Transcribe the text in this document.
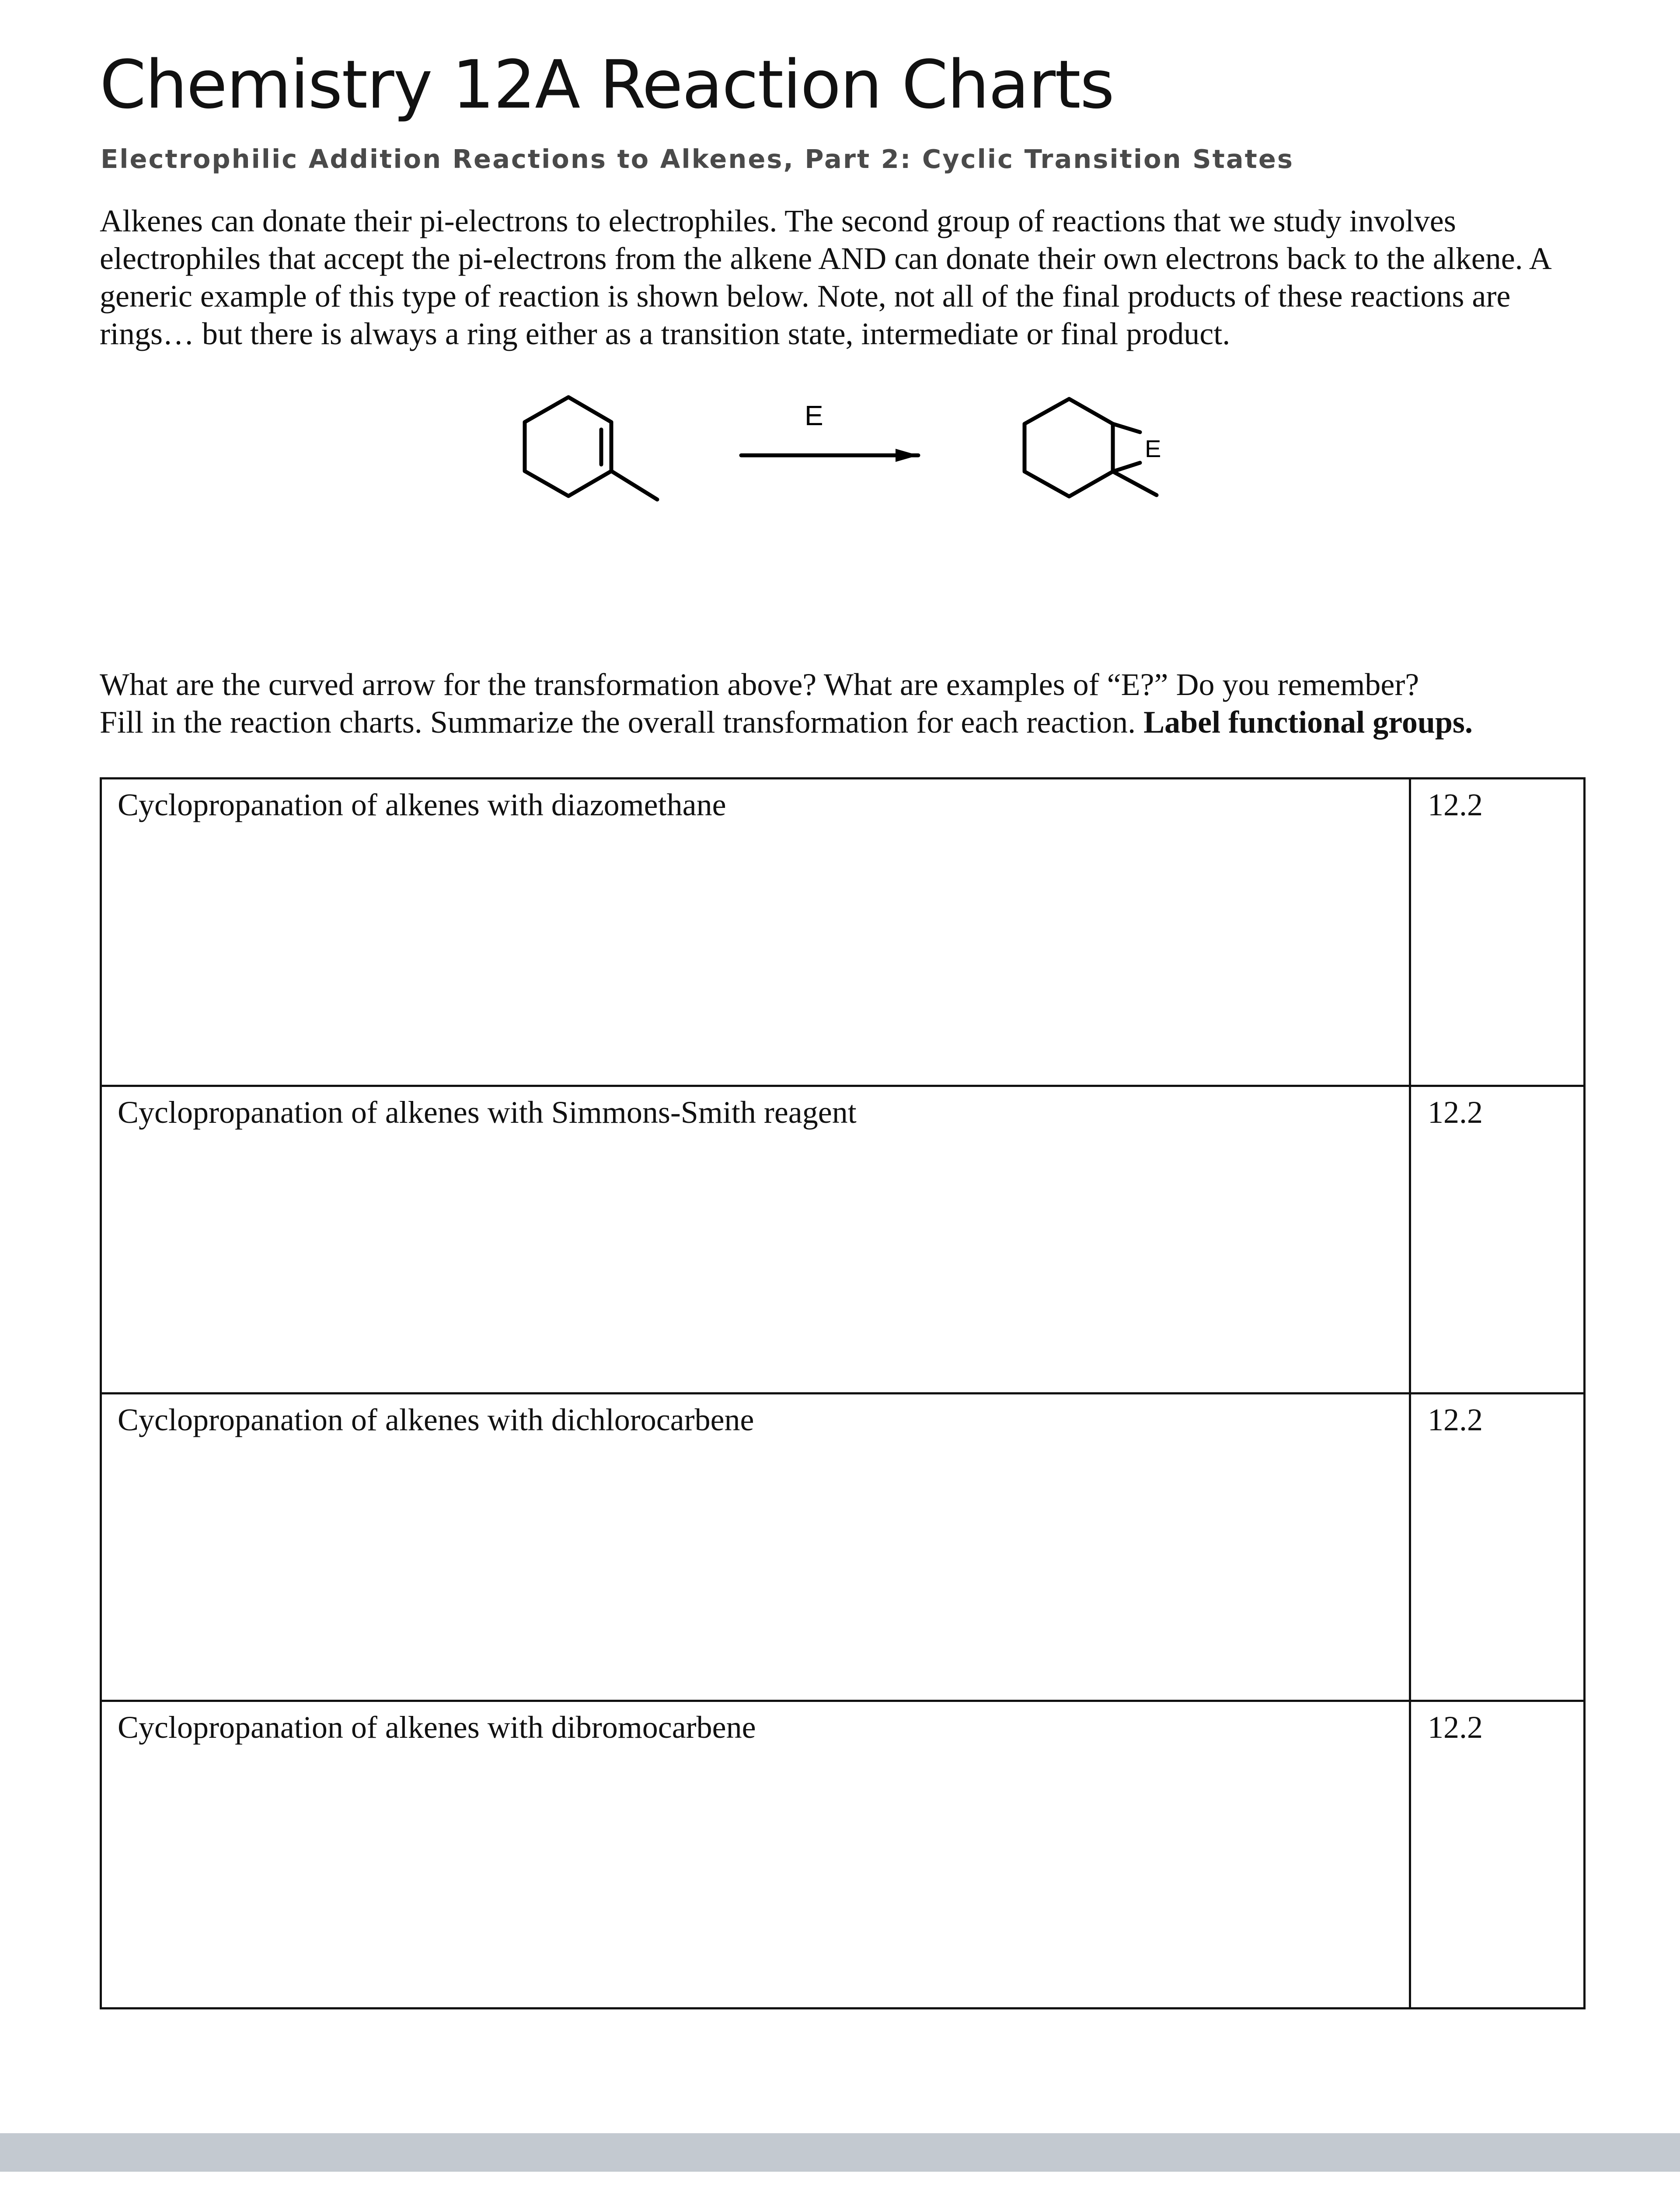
Chemistry 12A Reaction Charts
Electrophilic Addition Reactions to Alkenes, Part 2: Cyclic Transition States

Alkenes can donate their pi-electrons to electrophiles. The second group of reactions that we study involves electrophiles that accept the pi-electrons from the alkene AND can donate their own electrons back to the alkene. A generic example of this type of reaction is shown below. Note, not all of the final products of these reactions are rings… but there is always a ring either as a transition state, intermediate or final product.

E
E

What are the curved arrow for the transformation above? What are examples of “E?” Do you remember?

Fill in the reaction charts. Summarize the overall transformation for each reaction. Label functional groups.

Cyclopropanation of alkenes with diazomethane	12.2
Cyclopropanation of alkenes with Simmons-Smith reagent	12.2
Cyclopropanation of alkenes with dichlorocarbene	12.2
Cyclopropanation of alkenes with dibromocarbene	12.2
